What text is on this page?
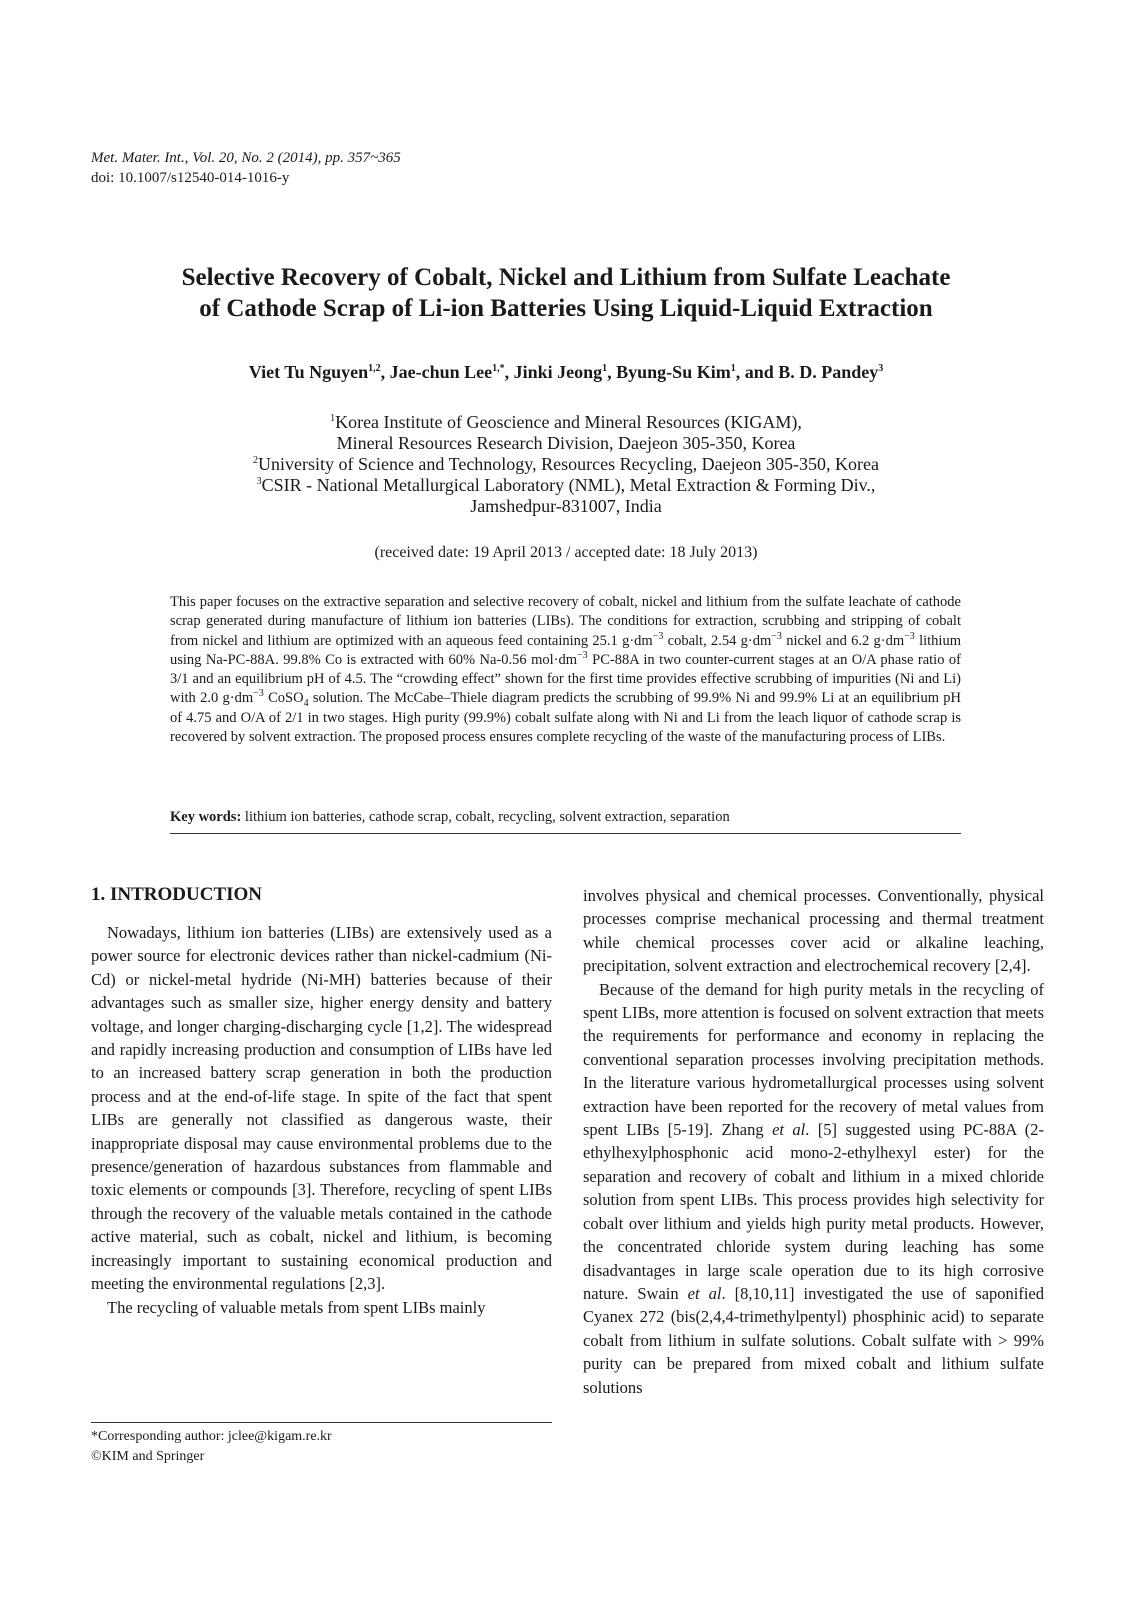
Met. Mater. Int., Vol. 20, No. 2 (2014), pp. 357~365
doi: 10.1007/s12540-014-1016-y
Selective Recovery of Cobalt, Nickel and Lithium from Sulfate Leachate
of Cathode Scrap of Li-ion Batteries Using Liquid-Liquid Extraction
Viet Tu Nguyen$^{1,2}$, Jae-chun Lee$^{1,*}$, Jinki Jeong$^1$, Byung-Su Kim$^1$, and B. D. Pandey$^3$
$^1$Korea Institute of Geoscience and Mineral Resources (KIGAM),
Mineral Resources Research Division, Daejeon 305-350, Korea
$^2$University of Science and Technology, Resources Recycling, Daejeon 305-350, Korea
$^3$CSIR - National Metallurgical Laboratory (NML), Metal Extraction & Forming Div.,
Jamshedpur-831007, India
(received date: 19 April 2013 / accepted date: 18 July 2013)

This paper focuses on the extractive separation and selective recovery of cobalt, nickel and lithium from the sulfate leachate of cathode scrap generated during manufacture of lithium ion batteries (LIBs). The conditions for extraction, scrubbing and stripping of cobalt from nickel and lithium are optimized with an aqueous feed containing 25.1 $g\cdot dm^{-3}$ cobalt, 2.54 $g\cdot dm^{-3}$ nickel and 6.2 $g\cdot dm^{-3}$ lithium using Na-PC-88A. 99.8% Co is extracted with 60% Na-0.56 $mol\cdot dm^{-3}$ PC-88A in two counter-current stages at an O/A phase ratio of 3/1 and an equilibrium pH of 4.5. The “crowding effect” shown for the first time provides effective scrubbing of impurities (Ni and Li) with 2.0 $g\cdot dm^{-3}$ CoSO$_4$ solution. The McCabe–Thiele diagram predicts the scrubbing of 99.9% Ni and 99.9% Li at an equilibrium pH of 4.75 and O/A of 2/1 in two stages. High purity (99.9%) cobalt sulfate along with Ni and Li from the leach liquor of cathode scrap is recovered by solvent extraction. The proposed process ensures complete recycling of the waste of the manufacturing process of LIBs.

Key words: lithium ion batteries, cathode scrap, cobalt, recycling, solvent extraction, separation
1. INTRODUCTION

Nowadays, lithium ion batteries (LIBs) are extensively used as a power source for electronic devices rather than nickel-cadmium (Ni-Cd) or nickel-metal hydride (Ni-MH) batteries because of their advantages such as smaller size, higher energy density and battery voltage, and longer charging-discharging cycle [1,2]. The widespread and rapidly increasing production and consumption of LIBs have led to an increased battery scrap generation in both the production process and at the end-of-life stage. In spite of the fact that spent LIBs are generally not classified as dangerous waste, their inappropriate disposal may cause environmental problems due to the presence/generation of hazardous substances from flammable and toxic elements or compounds [3]. Therefore, recycling of spent LIBs through the recovery of the valuable metals contained in the cathode active material, such as cobalt, nickel and lithium, is becoming increasingly important to sustaining economical production and meeting the environmental regulations [2,3].

The recycling of valuable metals from spent LIBs mainly

involves physical and chemical processes. Conventionally, physical processes comprise mechanical processing and thermal treatment while chemical processes cover acid or alkaline leaching, precipitation, solvent extraction and electrochemical recovery [2,4].

Because of the demand for high purity metals in the recycling of spent LIBs, more attention is focused on solvent extraction that meets the requirements for performance and economy in replacing the conventional separation processes involving precipitation methods. In the literature various hydrometallurgical processes using solvent extraction have been reported for the recovery of metal values from spent LIBs [5-19]. Zhang et al. [5] suggested using PC-88A (2-ethylhexylphosphonic acid mono-2-ethylhexyl ester) for the separation and recovery of cobalt and lithium in a mixed chloride solution from spent LIBs. This process provides high selectivity for cobalt over lithium and yields high purity metal products. However, the concentrated chloride system during leaching has some disadvantages in large scale operation due to its high corrosive nature. Swain et al. [8,10,11] investigated the use of saponified Cyanex 272 (bis(2,4,4-trimethylpentyl) phosphinic acid) to separate cobalt from lithium in sulfate solutions. Cobalt sulfate with > 99% purity can be prepared from mixed cobalt and lithium sulfate solutions

*Corresponding author: jclee@kigam.re.kr
©KIM and Springer
